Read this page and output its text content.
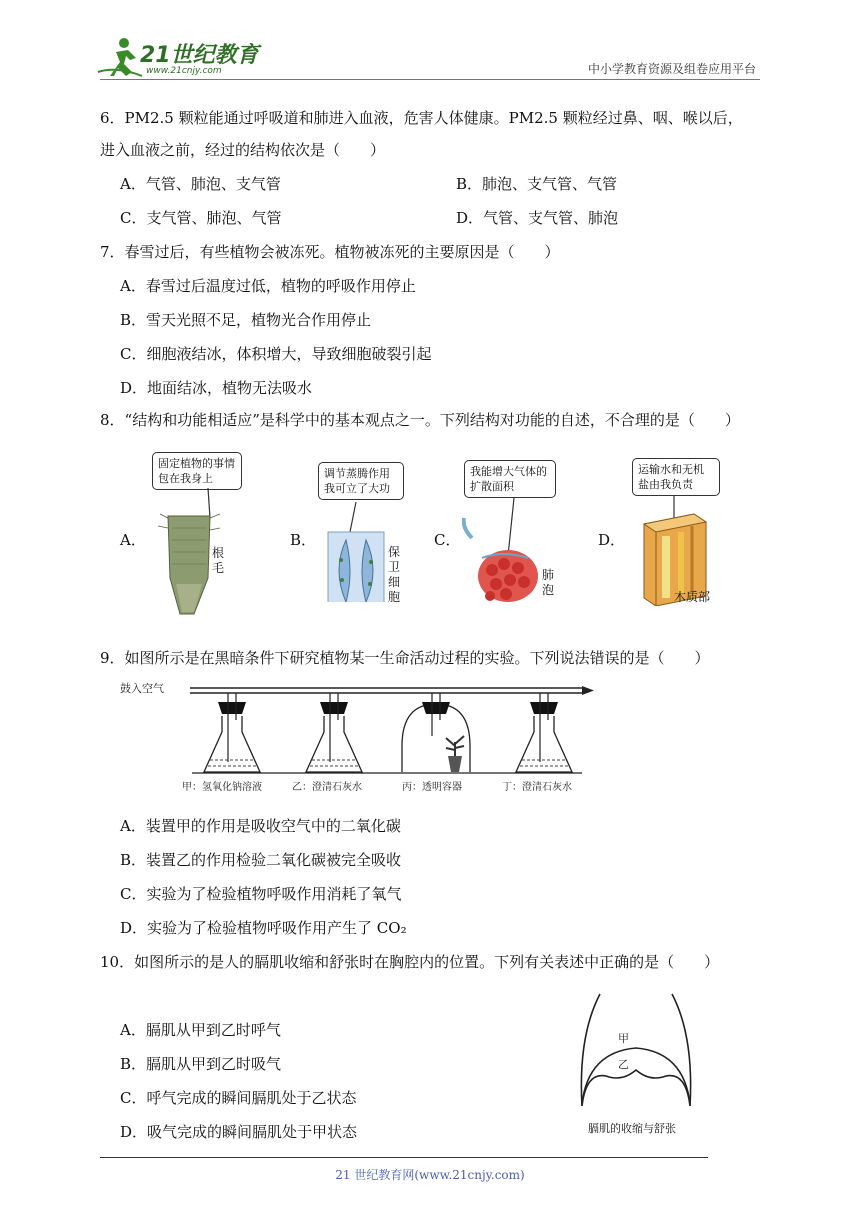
21世纪教育
www.21cnjy.com	中小学教育资源及组卷应用平台
6．PM2.5 颗粒能通过呼吸道和肺进入血液，危害人体健康。PM2.5 颗粒经过鼻、咽、喉以后，
进入血液之前，经过的结构依次是（　　）
A．气管、肺泡、支气管	B．肺泡、支气管、气管
C．支气管、肺泡、气管	D．气管、支气管、肺泡
7．春雪过后，有些植物会被冻死。植物被冻死的主要原因是（　　）
A．春雪过后温度过低，植物的呼吸作用停止
B．雪天光照不足，植物光合作用停止
C．细胞液结冰，体积增大，导致细胞破裂引起
D．地面结冰，植物无法吸水
8．“结构和功能相适应”是科学中的基本观点之一。下列结构对功能的自述，不合理的是（　　）
A．
固定植物的事情包在我身上
根毛
B．
调节蒸腾作用我可立了大功
保卫细胞
C．
我能增大气体的扩散面积
肺泡
D．
运输水和无机盐由我负责
木质部
9．如图所示是在黑暗条件下研究植物某一生命活动过程的实验。下列说法错误的是（　　）
鼓入空气
甲：氢氧化钠溶液	乙：澄清石灰水	丙：透明容器	丁：澄清石灰水
A．装置甲的作用是吸收空气中的二氧化碳
B．装置乙的作用检验二氧化碳被完全吸收
C．实验为了检验植物呼吸作用消耗了氧气
D．实验为了检验植物呼吸作用产生了 CO₂
10．如图所示的是人的膈肌收缩和舒张时在胸腔内的位置。下列有关表述中正确的是（　　）
A．膈肌从甲到乙时呼气
B．膈肌从甲到乙时吸气
C．呼气完成的瞬间膈肌处于乙状态
D．吸气完成的瞬间膈肌处于甲状态
甲
乙
膈肌的收缩与舒张
21 世纪教育网(www.21cnjy.com)
